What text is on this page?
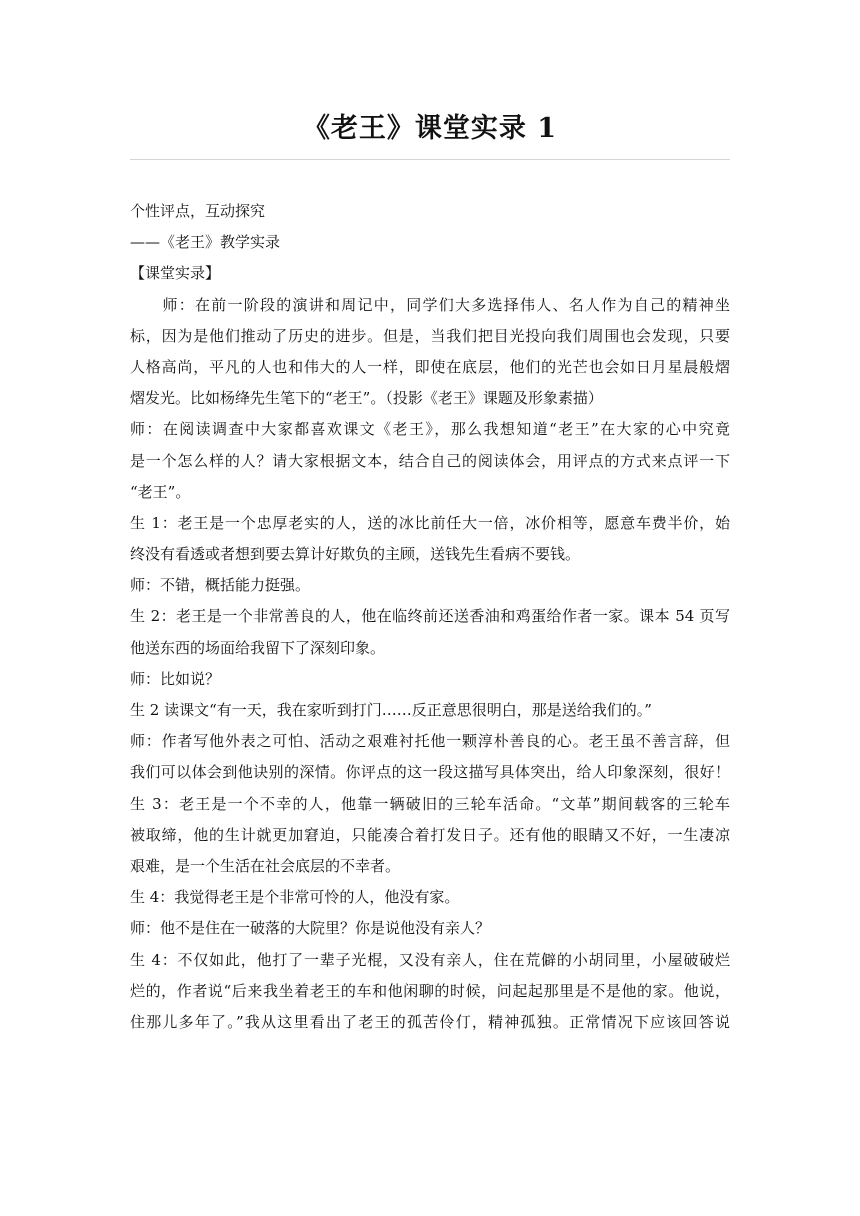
《老王》课堂实录 1
个性评点，互动探究
——《老王》教学实录
【课堂实录】
　　师：在前一阶段的演讲和周记中，同学们大多选择伟人、名人作为自己的精神坐
标，因为是他们推动了历史的进步。但是，当我们把目光投向我们周围也会发现，只要
人格高尚，平凡的人也和伟大的人一样，即使在底层，他们的光芒也会如日月星晨般熠
熠发光。比如杨绛先生笔下的“老王”。（投影《老王》课题及形象素描）
师：在阅读调查中大家都喜欢课文《老王》，那么我想知道“老王”在大家的心中究竟
是一个怎么样的人？请大家根据文本，结合自己的阅读体会，用评点的方式来点评一下
“老王”。
生 1：老王是一个忠厚老实的人，送的冰比前任大一倍，冰价相等，愿意车费半价，始
终没有看透或者想到要去算计好欺负的主顾，送钱先生看病不要钱。
师：不错，概括能力挺强。
生 2：老王是一个非常善良的人，他在临终前还送香油和鸡蛋给作者一家。课本 54 页写
他送东西的场面给我留下了深刻印象。
师：比如说？
生 2 读课文“有一天，我在家听到打门……反正意思很明白，那是送给我们的。”
师：作者写他外表之可怕、活动之艰难衬托他一颗淳朴善良的心。老王虽不善言辞，但
我们可以体会到他诀别的深情。你评点的这一段这描写具体突出，给人印象深刻，很好！
生 3：老王是一个不幸的人，他靠一辆破旧的三轮车活命。“文革”期间载客的三轮车
被取缔，他的生计就更加窘迫，只能凑合着打发日子。还有他的眼睛又不好，一生凄凉
艰难，是一个生活在社会底层的不幸者。
生 4：我觉得老王是个非常可怜的人，他没有家。
师：他不是住在一破落的大院里？你是说他没有亲人？
生 4：不仅如此，他打了一辈子光棍，又没有亲人，住在荒僻的小胡同里，小屋破破烂
烂的，作者说“后来我坐着老王的车和他闲聊的时候，问起起那里是不是他的家。他说，
住那儿多年了。”我从这里看出了老王的孤苦伶仃，精神孤独。正常情况下应该回答说
